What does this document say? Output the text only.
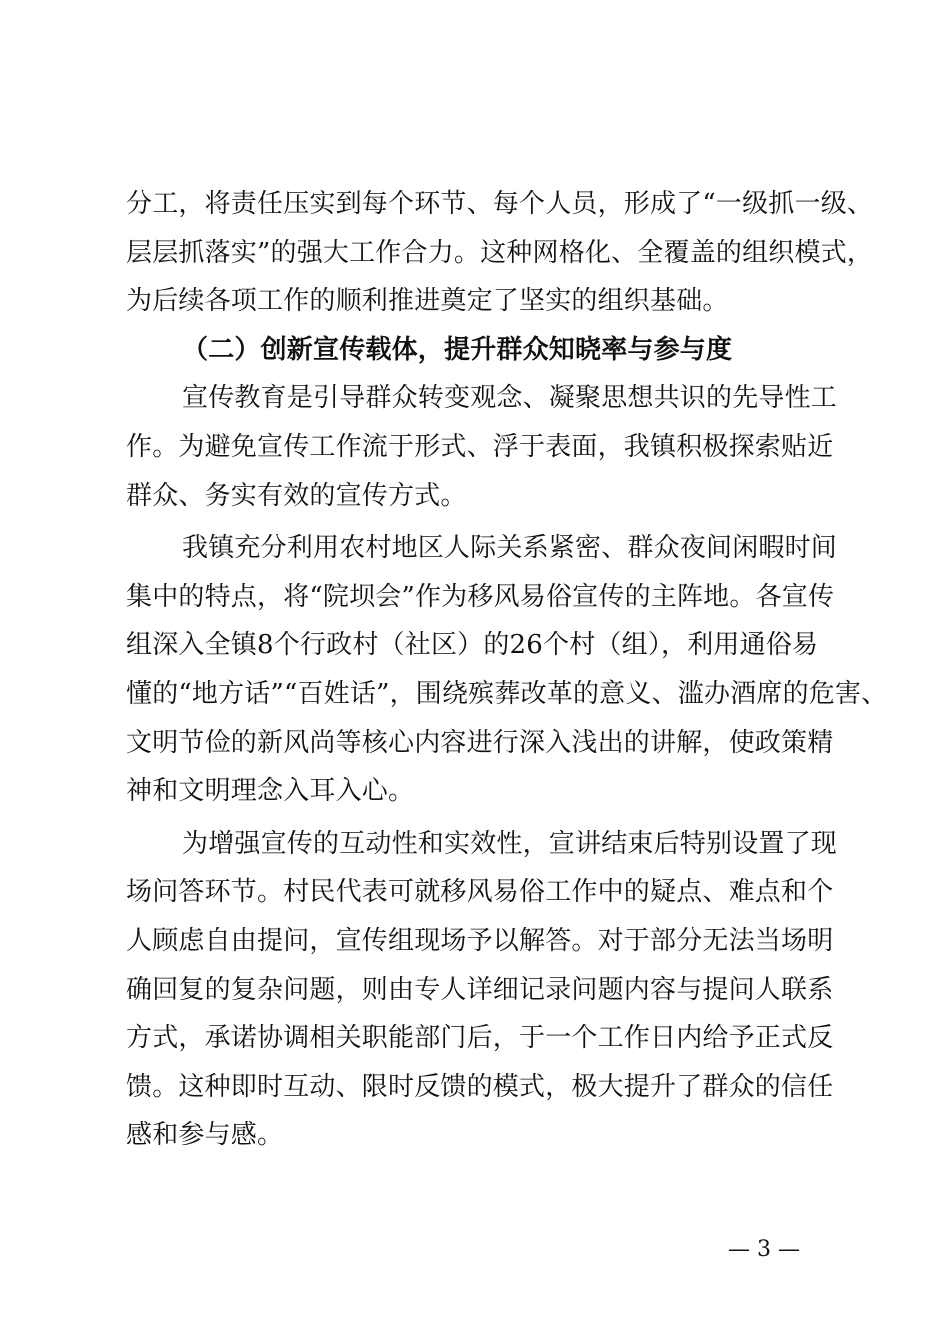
分工，将责任压实到每个环节、每个人员，形成了“一级抓一级、
层层抓落实”的强大工作合力。这种网格化、全覆盖的组织模式，
为后续各项工作的顺利推进奠定了坚实的组织基础。
（二）创新宣传载体，提升群众知晓率与参与度
宣传教育是引导群众转变观念、凝聚思想共识的先导性工
作。为避免宣传工作流于形式、浮于表面，我镇积极探索贴近
群众、务实有效的宣传方式。
我镇充分利用农村地区人际关系紧密、群众夜间闲暇时间
集中的特点，将“院坝会”作为移风易俗宣传的主阵地。各宣传
组深入全镇8个行政村（社区）的26个村（组），利用通俗易
懂的“地方话”“百姓话”，围绕殡葬改革的意义、滥办酒席的危害、
文明节俭的新风尚等核心内容进行深入浅出的讲解，使政策精
神和文明理念入耳入心。
为增强宣传的互动性和实效性，宣讲结束后特别设置了现
场问答环节。村民代表可就移风易俗工作中的疑点、难点和个
人顾虑自由提问，宣传组现场予以解答。对于部分无法当场明
确回复的复杂问题，则由专人详细记录问题内容与提问人联系
方式，承诺协调相关职能部门后，于一个工作日内给予正式反
馈。这种即时互动、限时反馈的模式，极大提升了群众的信任
感和参与感。
— 3 —
